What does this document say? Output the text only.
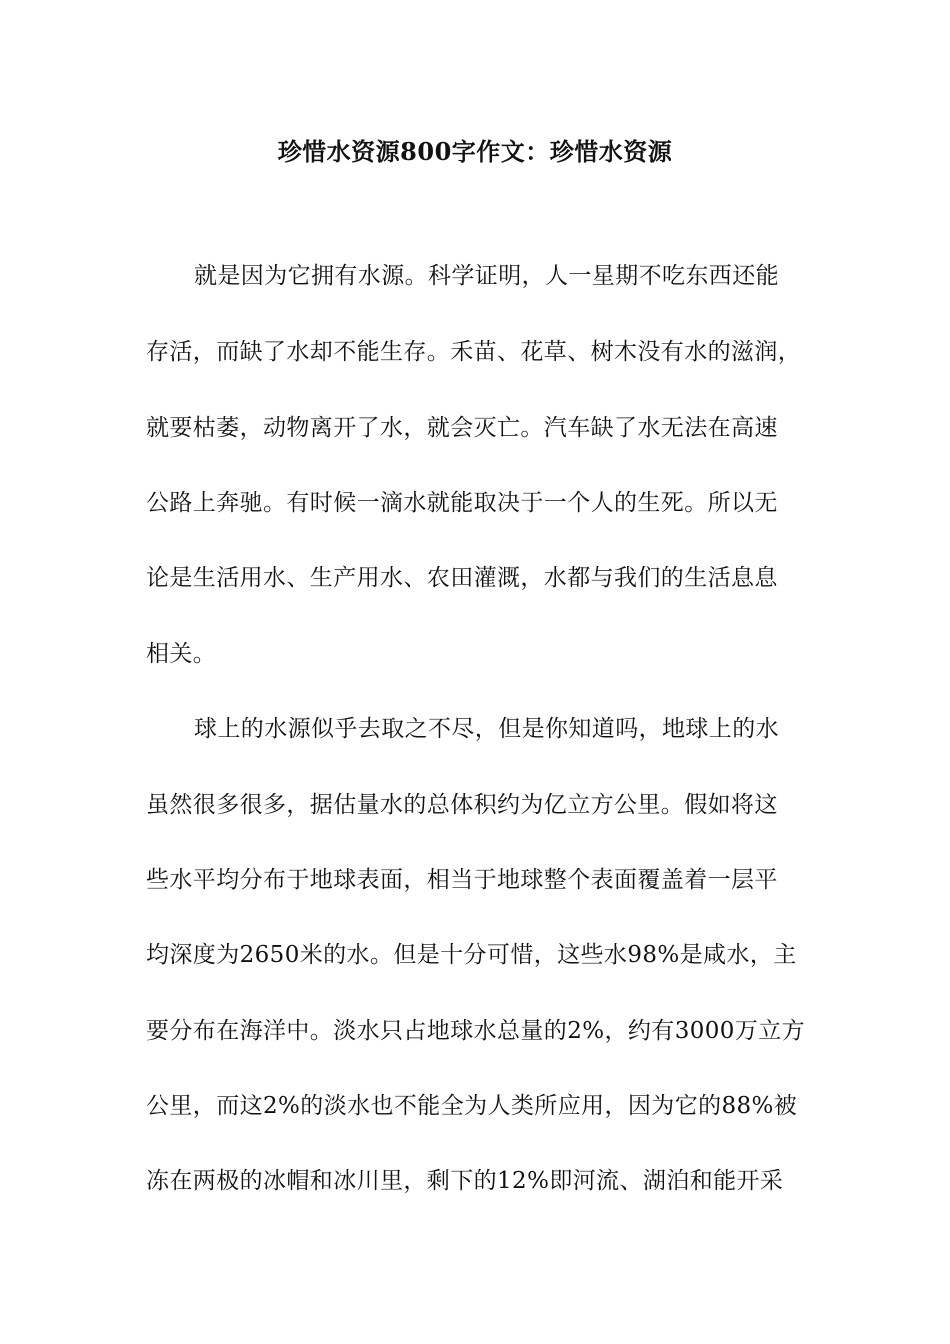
珍惜水资源800字作文：珍惜水资源
就是因为它拥有水源。科学证明，人一星期不吃东西还能
存活，而缺了水却不能生存。禾苗、花草、树木没有水的滋润，
就要枯萎，动物离开了水，就会灭亡。汽车缺了水无法在高速
公路上奔驰。有时候一滴水就能取决于一个人的生死。所以无
论是生活用水、生产用水、农田灌溉，水都与我们的生活息息
相关。
球上的水源似乎去取之不尽，但是你知道吗，地球上的水
虽然很多很多，据估量水的总体积约为亿立方公里。假如将这
些水平均分布于地球表面，相当于地球整个表面覆盖着一层平
均深度为2650米的水。但是十分可惜，这些水98%是咸水，主
要分布在海洋中。淡水只占地球水总量的2%，约有3000万立方
公里，而这2%的淡水也不能全为人类所应用，因为它的88%被
冻在两极的冰帽和冰川里，剩下的12%即河流、湖泊和能开采
